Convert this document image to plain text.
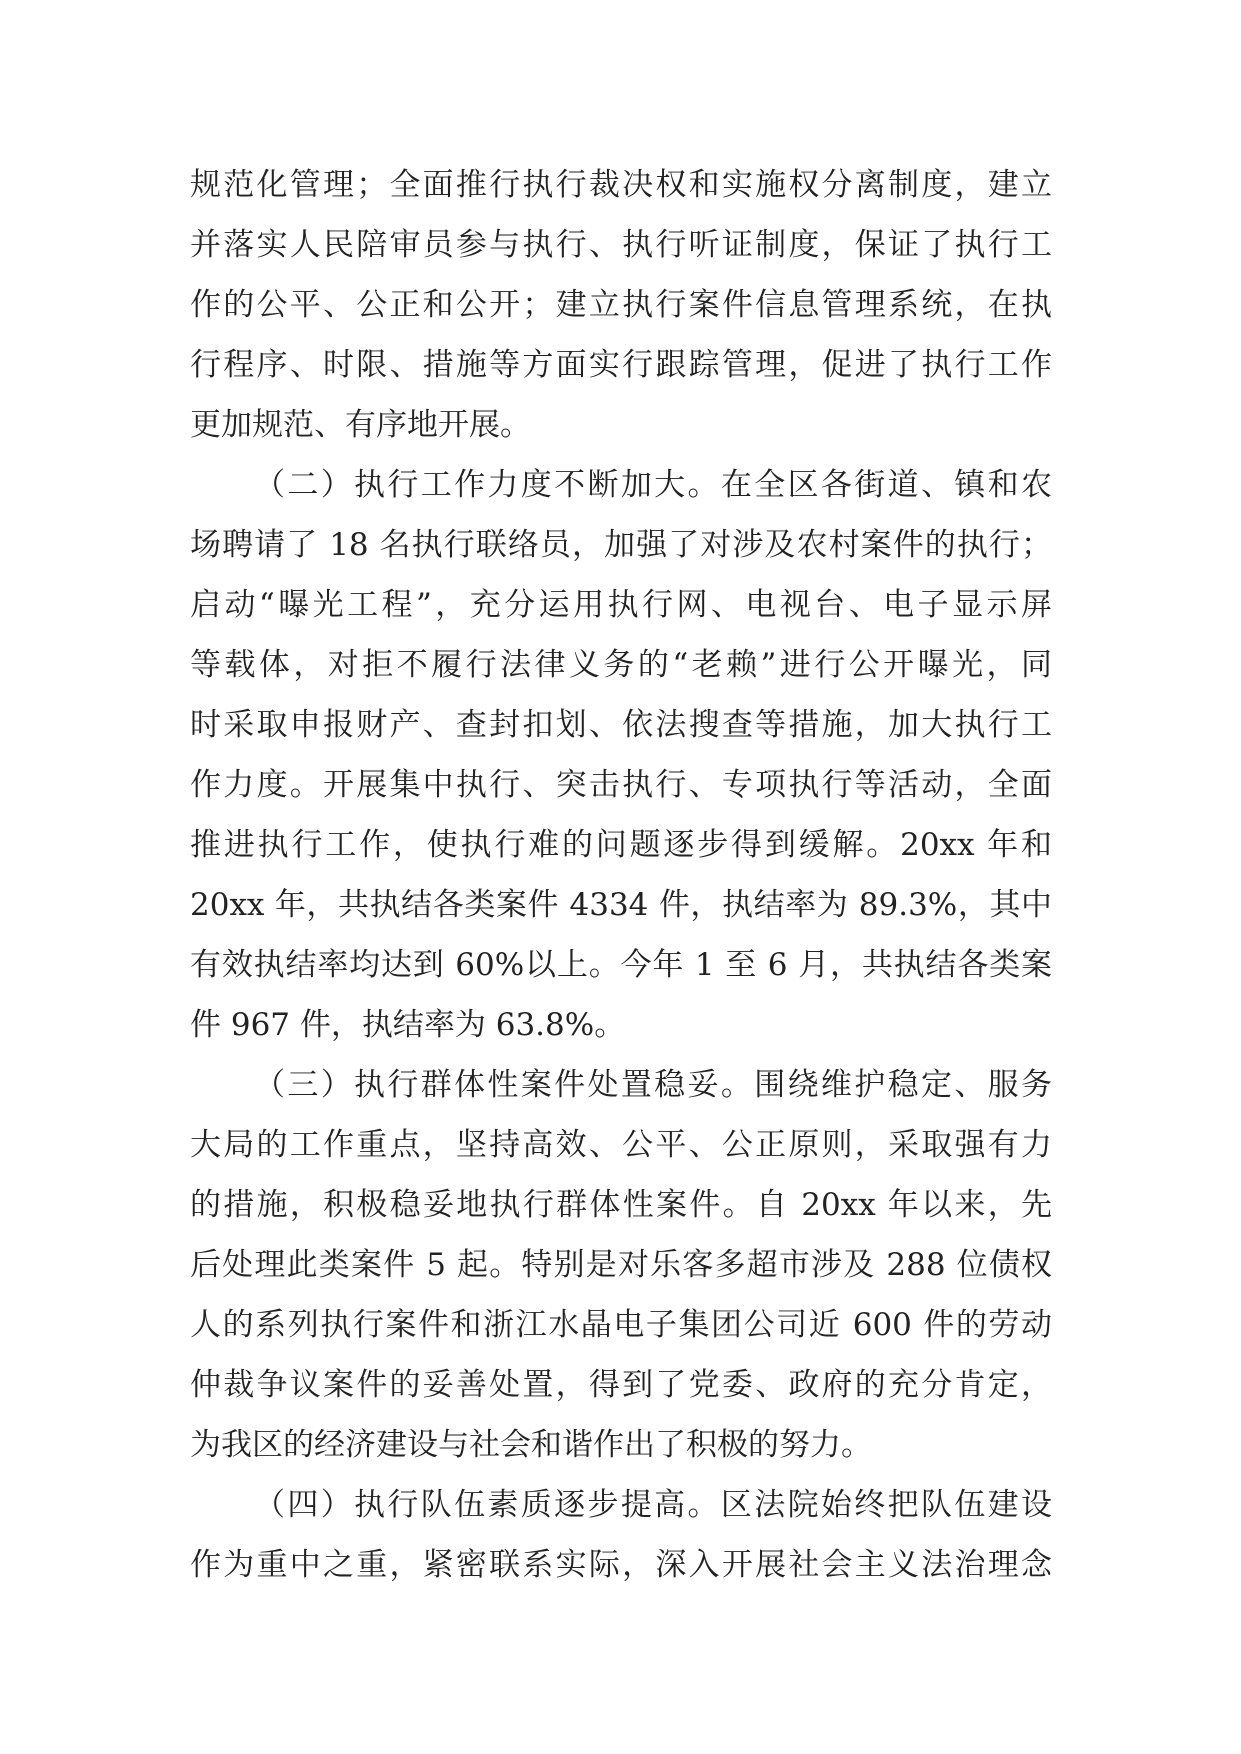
规范化管理；全面推行执行裁决权和实施权分离制度，建立
并落实人民陪审员参与执行、执行听证制度，保证了执行工
作的公平、公正和公开；建立执行案件信息管理系统，在执
行程序、时限、措施等方面实行跟踪管理，促进了执行工作
更加规范、有序地开展。
（二）执行工作力度不断加大。在全区各街道、镇和农
场聘请了 18 名执行联络员，加强了对涉及农村案件的执行；
启动“曝光工程”，充分运用执行网、电视台、电子显示屏
等载体，对拒不履行法律义务的“老赖”进行公开曝光，同
时采取申报财产、查封扣划、依法搜查等措施，加大执行工
作力度。开展集中执行、突击执行、专项执行等活动，全面
推进执行工作，使执行难的问题逐步得到缓解。20xx 年和
20xx 年，共执结各类案件 4334 件，执结率为 89.3%，其中
有效执结率均达到 60%以上。今年 1 至 6 月，共执结各类案
件 967 件，执结率为 63.8%。
（三）执行群体性案件处置稳妥。围绕维护稳定、服务
大局的工作重点，坚持高效、公平、公正原则，采取强有力
的措施，积极稳妥地执行群体性案件。自 20xx 年以来，先
后处理此类案件 5 起。特别是对乐客多超市涉及 288 位债权
人的系列执行案件和浙江水晶电子集团公司近 600 件的劳动
仲裁争议案件的妥善处置，得到了党委、政府的充分肯定，
为我区的经济建设与社会和谐作出了积极的努力。
（四）执行队伍素质逐步提高。区法院始终把队伍建设
作为重中之重，紧密联系实际，深入开展社会主义法治理念
